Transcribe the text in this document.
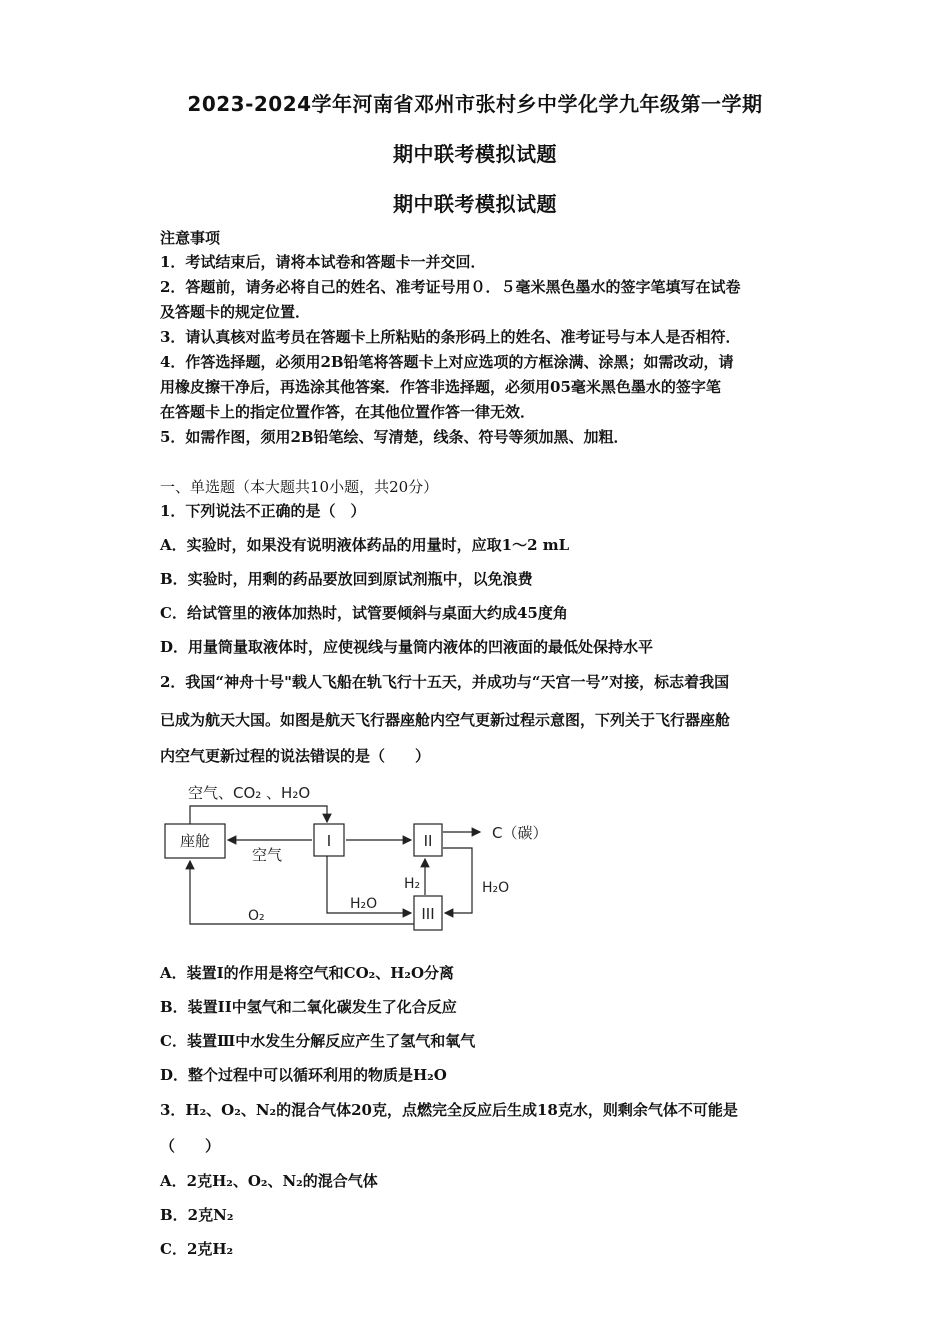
2023-2024学年河南省邓州市张村乡中学化学九年级第一学期
期中联考模拟试题
期中联考模拟试题
注意事项
1．考试结束后，请将本试卷和答题卡一并交回．
2．答题前，请务必将自己的姓名、准考证号用０．５毫米黑色墨水的签字笔填写在试卷
及答题卡的规定位置．
3．请认真核对监考员在答题卡上所粘贴的条形码上的姓名、准考证号与本人是否相符．
4．作答选择题，必须用2B铅笔将答题卡上对应选项的方框涂满、涂黑；如需改动，请
用橡皮擦干净后，再选涂其他答案．作答非选择题，必须用05毫米黑色墨水的签字笔
在答题卡上的指定位置作答，在其他位置作答一律无效．
5．如需作图，须用2B铅笔绘、写清楚，线条、符号等须加黑、加粗．
一、单选题（本大题共10小题，共20分）
1．下列说法不正确的是（　）
A．实验时，如果没有说明液体药品的用量时，应取1～2 mL
B．实验时，用剩的药品要放回到原试剂瓶中，以免浪费
C．给试管里的液体加热时，试管要倾斜与桌面大约成45度角
D．用量筒量取液体时，应使视线与量筒内液体的凹液面的最低处保持水平
2．我国“神舟十号"载人飞船在轨飞行十五天，并成功与“天宫一号”对接，标志着我国
已成为航天大国。如图是航天飞行器座舱内空气更新过程示意图，下列关于飞行器座舱
内空气更新过程的说法错误的是（　　）
座舱	I	II
III
空气、CO₂ 、H₂O
空气
C（碳）
H₂O
H₂
H₂O
O₂
A．装置I的作用是将空气和CO₂、H₂O分离
B．装置II中氢气和二氧化碳发生了化合反应
C．装置Ⅲ中水发生分解反应产生了氢气和氧气
D．整个过程中可以循环利用的物质是H₂O
3．H₂、O₂、N₂的混合气体20克，点燃完全反应后生成18克水，则剩余气体不可能是
（　　）
A．2克H₂、O₂、N₂的混合气体
B．2克N₂
C．2克H₂
